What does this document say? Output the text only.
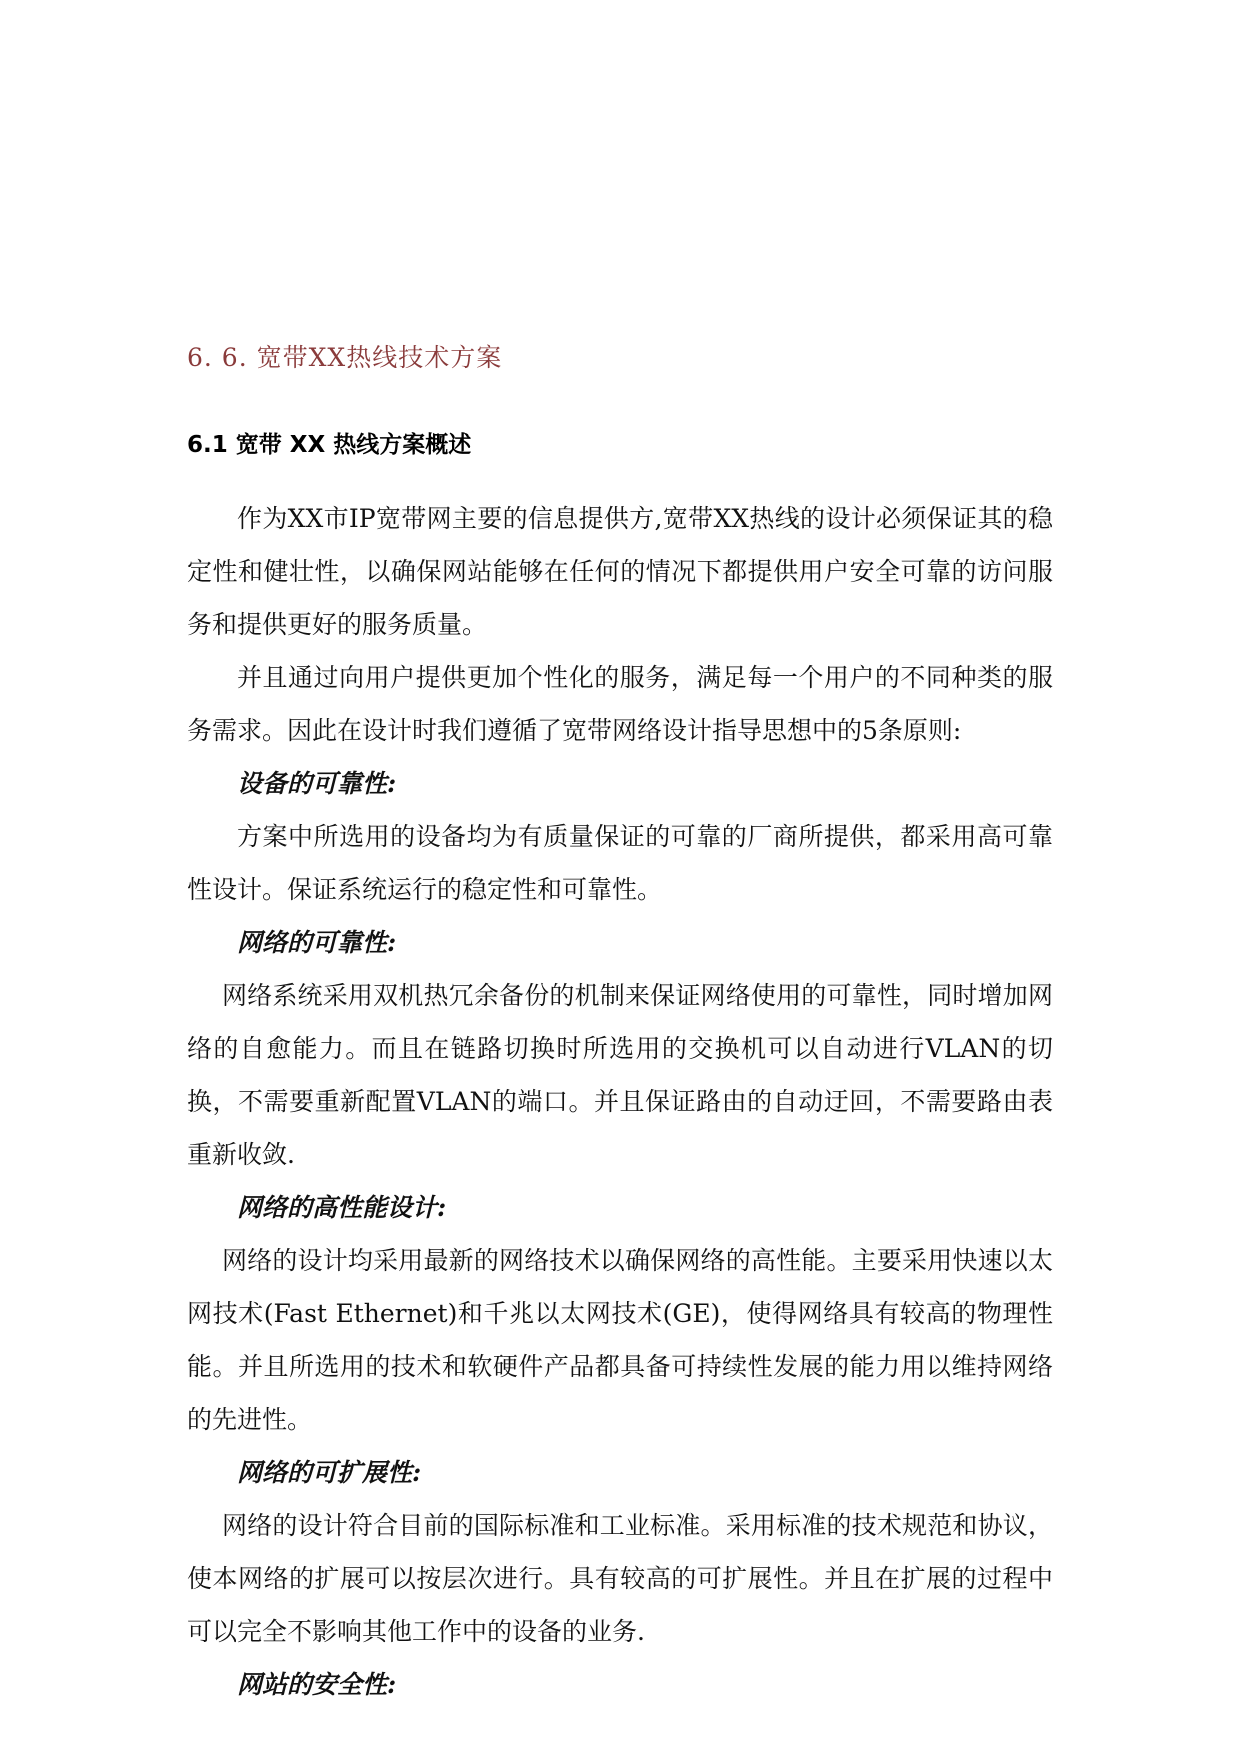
6. 6. 宽带XX热线技术方案
6.1 宽带 XX 热线方案概述

作为XX市IP宽带网主要的信息提供方,宽带XX热线的设计必须保证其的稳定性和健壮性，以确保网站能够在任何的情况下都提供用户安全可靠的访问服务和提供更好的服务质量。

并且通过向用户提供更加个性化的服务，满足每一个用户的不同种类的服务需求。因此在设计时我们遵循了宽带网络设计指导思想中的5条原则:

设备的可靠性:

方案中所选用的设备均为有质量保证的可靠的厂商所提供，都采用高可靠性设计。保证系统运行的稳定性和可靠性。

网络的可靠性:

网络系统采用双机热冗余备份的机制来保证网络使用的可靠性，同时增加网络的自愈能力。而且在链路切换时所选用的交换机可以自动进行VLAN的切换，不需要重新配置VLAN的端口。并且保证路由的自动迂回，不需要路由表重新收敛.

网络的高性能设计:

网络的设计均采用最新的网络技术以确保网络的高性能。主要采用快速以太网技术(Fast Ethernet)和千兆以太网技术(GE)，使得网络具有较高的物理性能。并且所选用的技术和软硬件产品都具备可持续性发展的能力用以维持网络的先进性。

网络的可扩展性:

网络的设计符合目前的国际标准和工业标准。采用标准的技术规范和协议，使本网络的扩展可以按层次进行。具有较高的可扩展性。并且在扩展的过程中可以完全不影响其他工作中的设备的业务.

网站的安全性:
